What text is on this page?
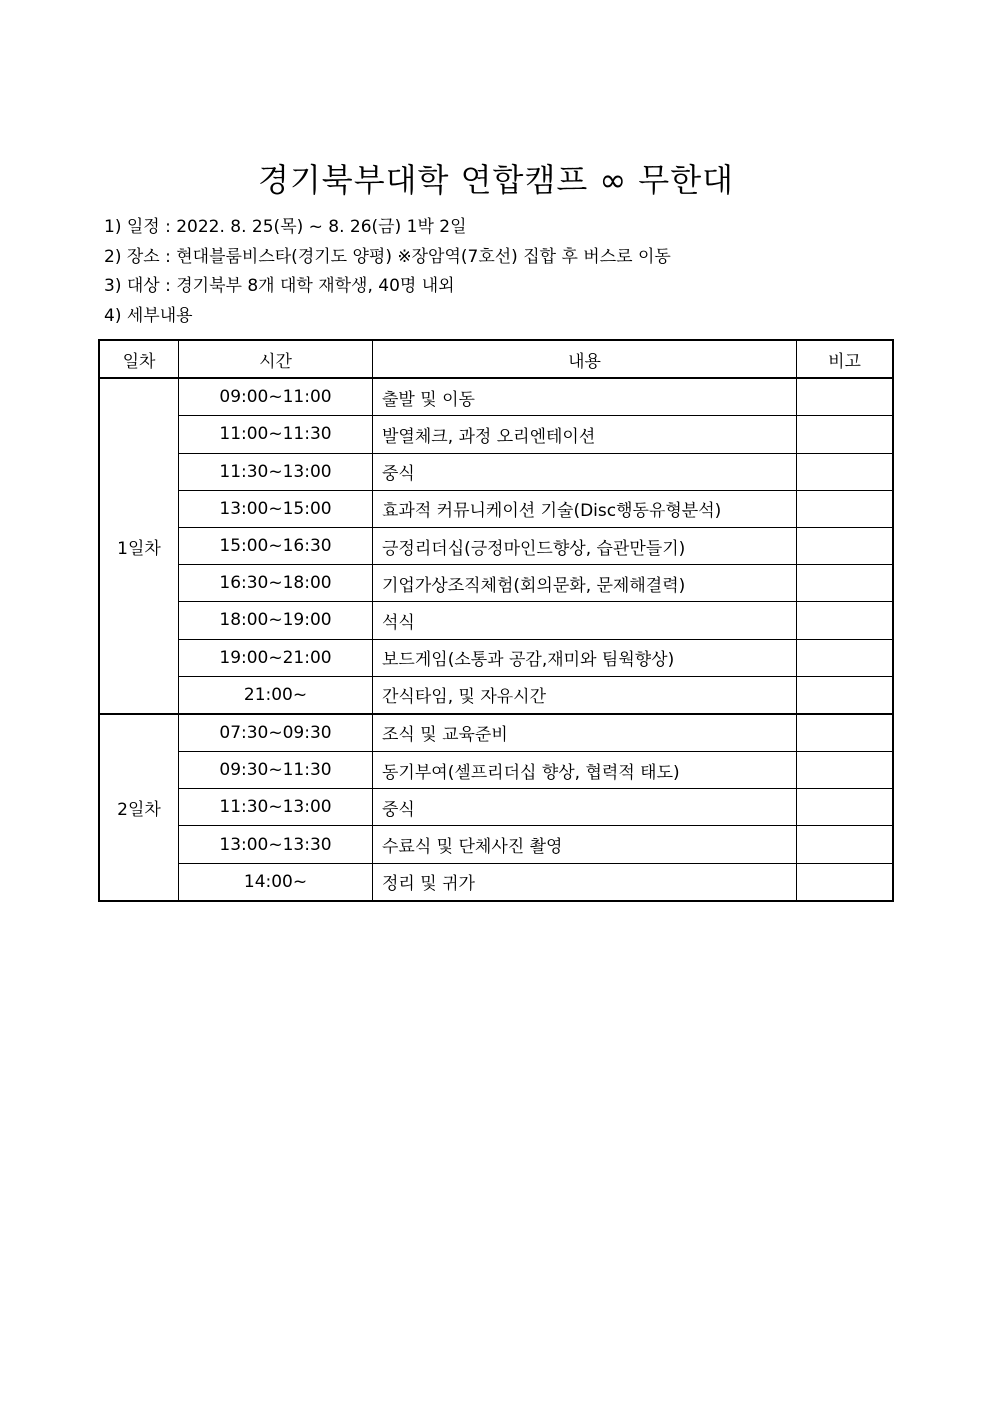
경기북부대학 연합캠프 ∞ 무한대
1) 일정 : 2022. 8. 25(목) ~ 8. 26(금) 1박 2일
2) 장소 : 현대블룸비스타(경기도 양평) ※장암역(7호선) 집합 후 버스로 이동
3) 대상 : 경기북부 8개 대학 재학생, 40명 내외
4) 세부내용
일차	시간	내용	비고
1일차	09:00~11:00	출발 및 이동	
	11:00~11:30	발열체크, 과정 오리엔테이션	
	11:30~13:00	중식	
	13:00~15:00	효과적 커뮤니케이션 기술(Disc행동유형분석)	
	15:00~16:30	긍정리더십(긍정마인드향상, 습관만들기)	
	16:30~18:00	기업가상조직체험(회의문화, 문제해결력)	
	18:00~19:00	석식	
	19:00~21:00	보드게임(소통과 공감,재미와 팀웍향상)	
	21:00~	간식타임, 및 자유시간	
2일차	07:30~09:30	조식 및 교육준비	
	09:30~11:30	동기부여(셀프리더십 향상, 협력적 태도)	
	11:30~13:00	중식	
	13:00~13:30	수료식 및 단체사진 촬영	
	14:00~	정리 및 귀가	
